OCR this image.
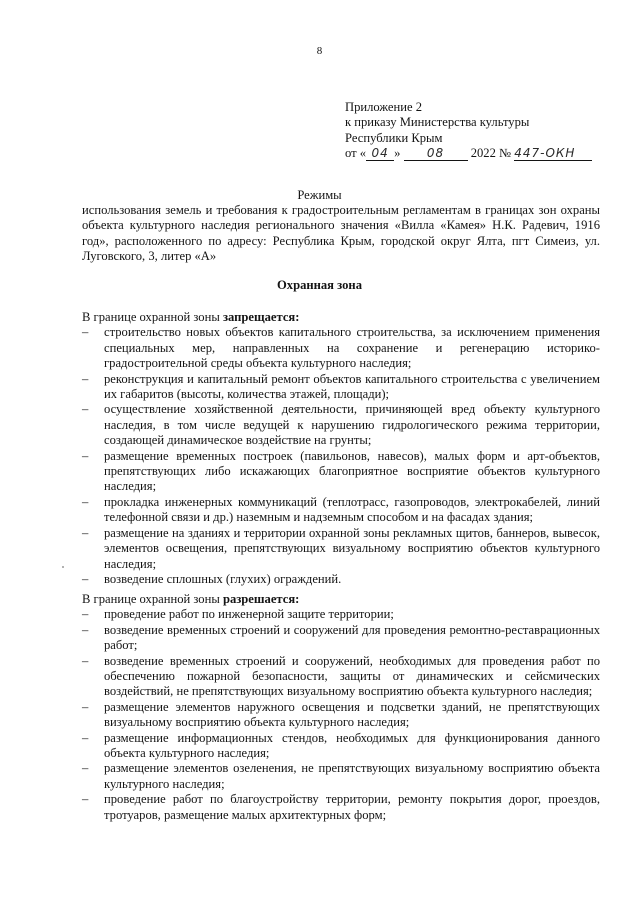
8
Приложение 2
к приказу Министерства культуры
Республики Крым
от « 04 » 08 2022 № 447-ОКН
Режимы
использования земель и требования к градостроительным регламентам в границах зон охраны объекта культурного наследия регионального значения «Вилла «Камея» Н.К. Радевич, 1916 год», расположенного по адресу: Республика Крым, городской округ Ялта, пгт Симеиз, ул. Луговского, 3, литер «А»
Охранная зона
В границе охранной зоны запрещается:
–	строительство новых объектов капитального строительства, за исключением применения специальных мер, направленных на сохранение и регенерацию историко-градостроительной среды объекта культурного наследия;
–	реконструкция и капитальный ремонт объектов капитального строительства с увеличением их габаритов (высоты, количества этажей, площади);
–	осуществление хозяйственной деятельности, причиняющей вред объекту культурного наследия, в том числе ведущей к нарушению гидрологического режима территории, создающей динамическое воздействие на грунты;
–	размещение временных построек (павильонов, навесов), малых форм и арт-объектов, препятствующих либо искажающих благоприятное восприятие объектов культурного наследия;
–	прокладка инженерных коммуникаций (теплотрасс, газопроводов, электрокабелей, линий телефонной связи и др.) наземным и надземным способом и на фасадах здания;
–	размещение на зданиях и территории охранной зоны рекламных щитов, баннеров, вывесок, элементов освещения, препятствующих визуальному восприятию объектов культурного наследия;
–	возведение сплошных (глухих) ограждений.
В границе охранной зоны разрешается:
–	проведение работ по инженерной защите территории;
–	возведение временных строений и сооружений для проведения ремонтно-реставрационных работ;
–	возведение временных строений и сооружений, необходимых для проведения работ по обеспечению пожарной безопасности, защиты от динамических и сейсмических воздействий, не препятствующих визуальному восприятию объекта культурного наследия;
–	размещение элементов наружного освещения и подсветки зданий, не препятствующих визуальному восприятию объекта культурного наследия;
–	размещение информационных стендов, необходимых для функционирования данного объекта культурного наследия;
–	размещение элементов озеленения, не препятствующих визуальному восприятию объекта культурного наследия;
–	проведение работ по благоустройству территории, ремонту покрытия дорог, проездов, тротуаров, размещение малых архитектурных форм;
